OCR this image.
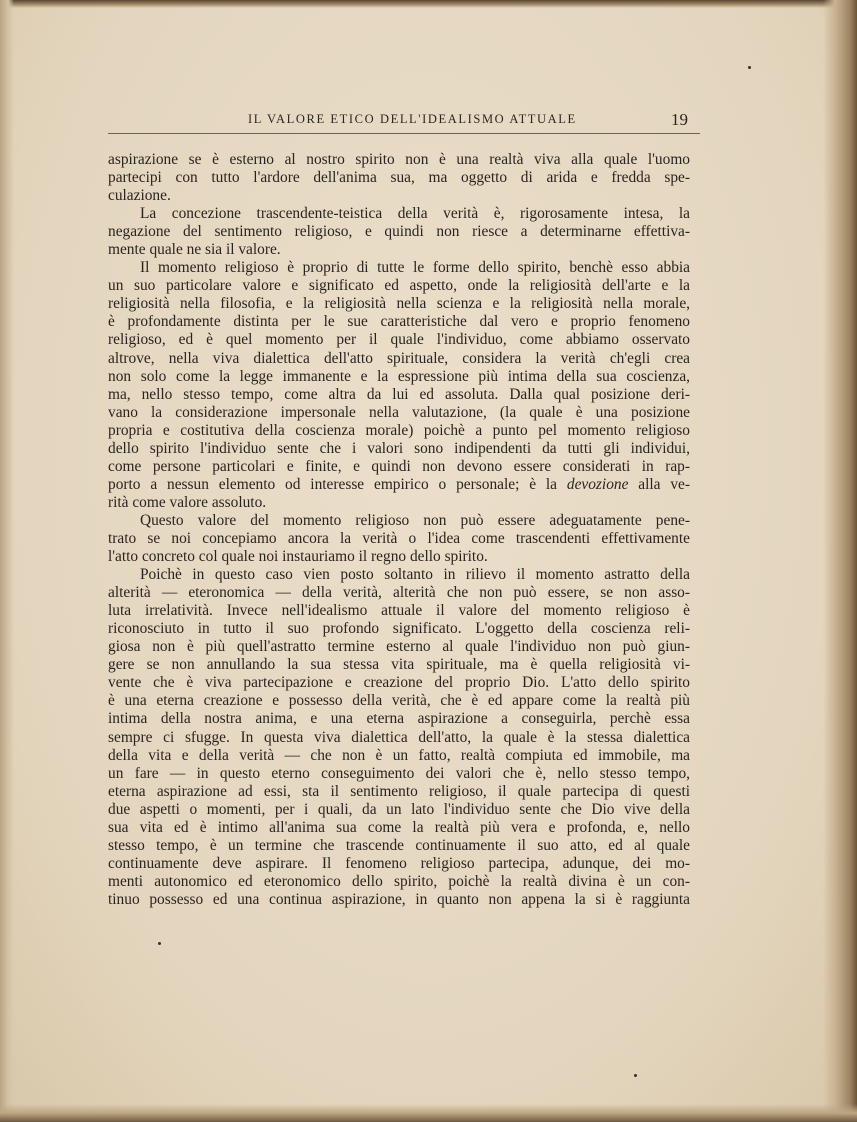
IL VALORE ETICO DELL'IDEALISMO ATTUALE	19
aspirazione se è esterno al nostro spirito non è una realtà viva alla quale l'uomo
partecipi con tutto l'ardore dell'anima sua, ma oggetto di arida e fredda spe-
culazione.
La concezione trascendente-teistica della verità è, rigorosamente intesa, la
negazione del sentimento religioso, e quindi non riesce a determinarne effettiva-
mente quale ne sia il valore.
Il momento religioso è proprio di tutte le forme dello spirito, benchè esso abbia
un suo particolare valore e significato ed aspetto, onde la religiosità dell'arte e la
religiosità nella filosofia, e la religiosità nella scienza e la religiosità nella morale,
è profondamente distinta per le sue caratteristiche dal vero e proprio fenomeno
religioso, ed è quel momento per il quale l'individuo, come abbiamo osservato
altrove, nella viva dialettica dell'atto spirituale, considera la verità ch'egli crea
non solo come la legge immanente e la espressione più intima della sua coscienza,
ma, nello stesso tempo, come altra da lui ed assoluta. Dalla qual posizione deri-
vano la considerazione impersonale nella valutazione, (la quale è una posizione
propria e costitutiva della coscienza morale) poichè a punto pel momento religioso
dello spirito l'individuo sente che i valori sono indipendenti da tutti gli individui,
come persone particolari e finite, e quindi non devono essere considerati in rap-
porto a nessun elemento od interesse empirico o personale; è la devozione alla ve-
rità come valore assoluto.
Questo valore del momento religioso non può essere adeguatamente pene-
trato se noi concepiamo ancora la verità o l'idea come trascendenti effettivamente
l'atto concreto col quale noi instauriamo il regno dello spirito.
Poichè in questo caso vien posto soltanto in rilievo il momento astratto della
alterità — eteronomica — della verità, alterità che non può essere, se non asso-
luta irrelatività. Invece nell'idealismo attuale il valore del momento religioso è
riconosciuto in tutto il suo profondo significato. L'oggetto della coscienza reli-
giosa non è più quell'astratto termine esterno al quale l'individuo non può giun-
gere se non annullando la sua stessa vita spirituale, ma è quella religiosità vi-
vente che è viva partecipazione e creazione del proprio Dio. L'atto dello spirito
è una eterna creazione e possesso della verità, che è ed appare come la realtà più
intima della nostra anima, e una eterna aspirazione a conseguirla, perchè essa
sempre ci sfugge. In questa viva dialettica dell'atto, la quale è la stessa dialettica
della vita e della verità — che non è un fatto, realtà compiuta ed immobile, ma
un fare — in questo eterno conseguimento dei valori che è, nello stesso tempo,
eterna aspirazione ad essi, sta il sentimento religioso, il quale partecipa di questi
due aspetti o momenti, per i quali, da un lato l'individuo sente che Dio vive della
sua vita ed è intimo all'anima sua come la realtà più vera e profonda, e, nello
stesso tempo, è un termine che trascende continuamente il suo atto, ed al quale
continuamente deve aspirare. Il fenomeno religioso partecipa, adunque, dei mo-
menti autonomico ed eteronomico dello spirito, poichè la realtà divina è un con-
tinuo possesso ed una continua aspirazione, in quanto non appena la si è raggiunta
